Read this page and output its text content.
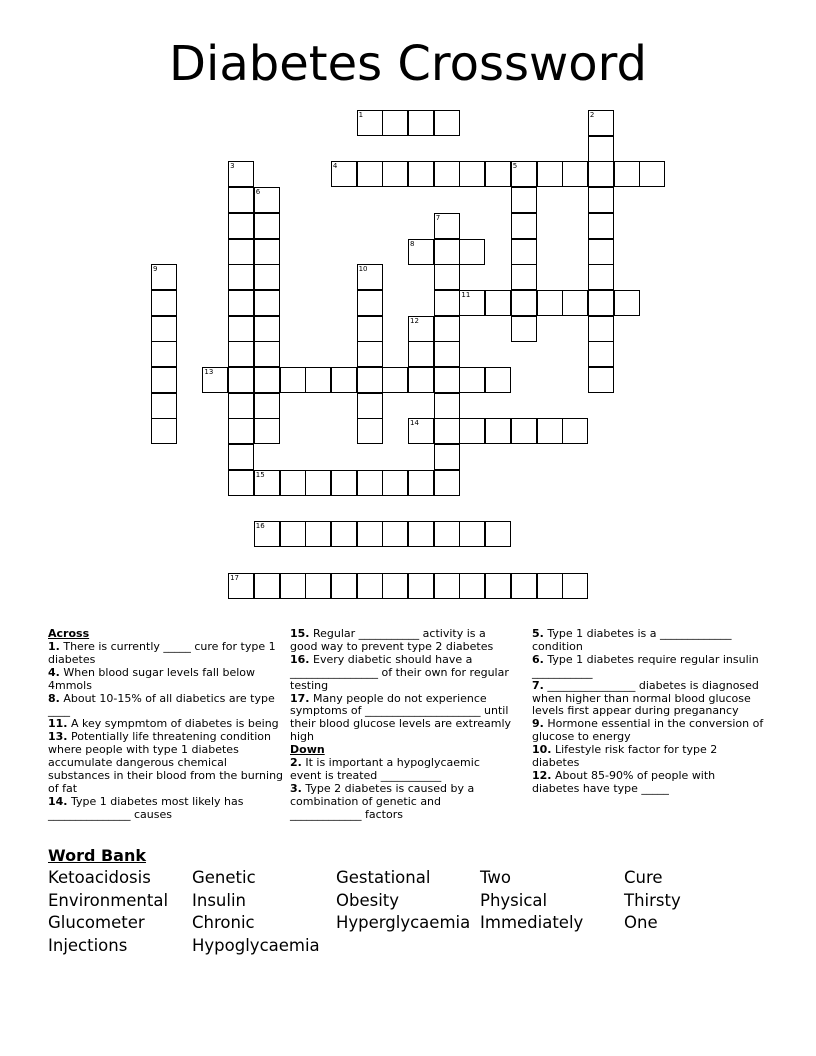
Diabetes Crossword
1
4
8
11
13
14
15
16
17
2
3	5
6
7
9	10
12
Across
1. There is currently _____ cure for type 1 diabetes
4. When blood sugar levels fall below 4mmols
8. About 10-15% of all diabetics are type ____
11. A key sympmtom of diabetes is being
13. Potentially life threatening condition where people with type 1 diabetes accumulate dangerous chemical substances in their blood from the burning of fat
14. Type 1 diabetes most likely has _______________ causes
15. Regular ___________ activity is a good way to prevent type 2 diabetes
16. Every diabetic should have a ________________ of their own for regular testing
17. Many people do not experience symptoms of _____________________ until their blood glucose levels are extreamly high
Down
2. It is important a hypoglycaemic event is treated ___________
3. Type 2 diabetes is caused by a combination of genetic and _____________ factors
5. Type 1 diabetes is a _____________ condition
6. Type 1 diabetes require regular insulin ___________
7. ________________ diabetes is diagnosed when higher than normal blood glucose levels first appear during preganancy
9. Hormone essential in the conversion of glucose to energy
10. Lifestyle risk factor for type 2 diabetes
12. About 85-90% of people with diabetes have type _____
Word Bank
Ketoacidosis	Genetic	Gestational	Two	Cure
Environmental	Insulin	Obesity	Physical	Thirsty
Glucometer	Chronic	Hyperglycaemia Immediately	One
Injections	Hypoglycaemia
